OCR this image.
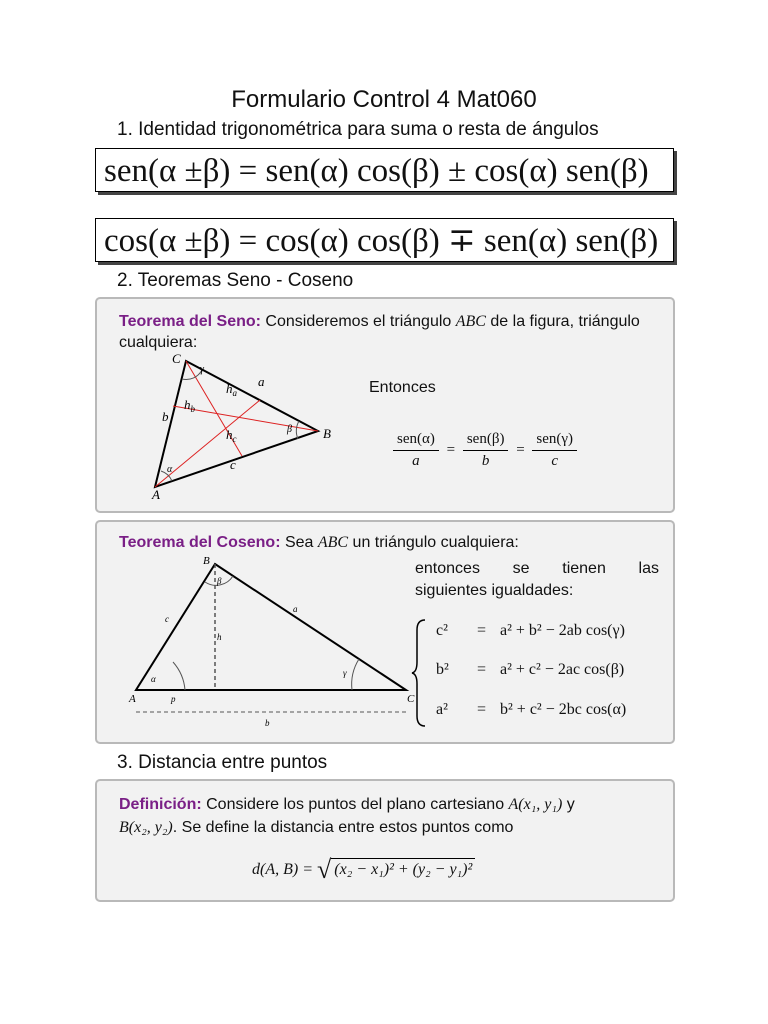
Formulario Control 4 Mat060
1. Identidad trigonométrica para suma o resta de ángulos
sen(α ±β) = sen(α) cos(β) ± cos(α) sen(β)
cos(α ±β) = cos(α) cos(β) ∓ sen(α) sen(β)
2. Teoremas Seno - Coseno
Teorema del Seno: Consideremos el triángulo ABC de la figura, triángulo cualquiera:
C
B
A
a
b
c
$h_a$
$h_b$
$h_c$
γ
β
α
Entonces
$\frac{\text{sen(α)}}{a} = \frac{\text{sen(β)}}{b} = \frac{\text{sen(γ)}}{c}$
Teorema del Coseno: Sea ABC un triángulo cualquiera:
B
A	C
c
a
h
p
b
α
β
γ
entonces se tienen las
siguientes igualdades:
c² = a² + b² − 2ab cos(γ)
b² = a² + c² − 2ac cos(β)
a² = b² + c² − 2bc cos(α)
3. Distancia entre puntos
Definición: Considere los puntos del plano cartesiano A(x₁, y₁) y
B(x₂, y₂). Se define la distancia entre estos puntos como
d(A, B) = √ (x₂ − x₁)² + (y₂ − y₁)²
